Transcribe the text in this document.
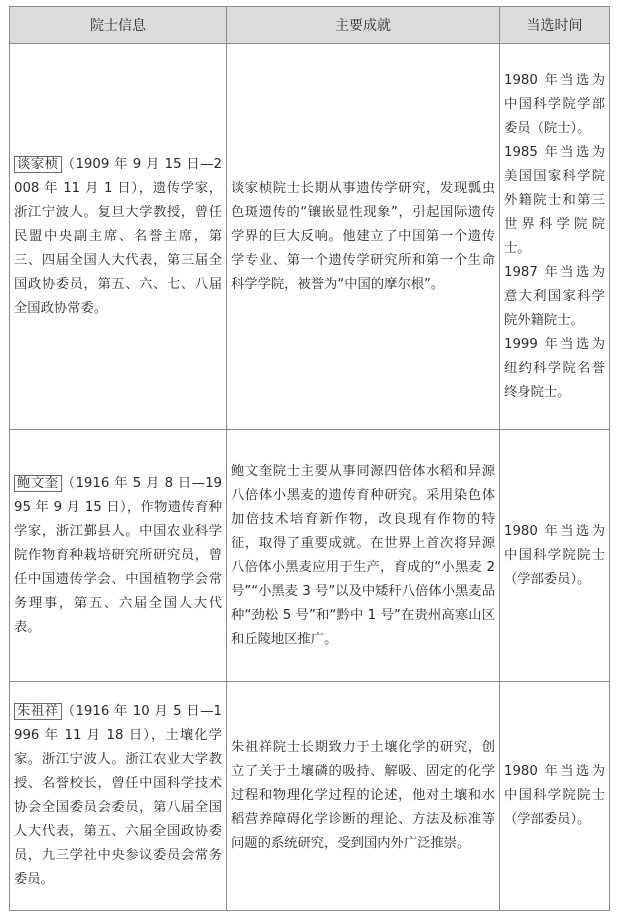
院士信息	主要成就	当选时间

谈家桢 （1909 年 9 月 15 日—2008 年 11 月 1 日），遗传学家，浙江宁波人。复旦大学教授，曾任民盟中央副主席、名誉主席，第三、四届全国人大代表，第三届全国政协委员，第五、六、七、八届全国政协常委。	谈家桢院士长期从事遗传学研究，发现瓢虫色斑遗传的“镶嵌显性现象”，引起国际遗传学界的巨大反响。他建立了中国第一个遗传学专业、第一个遗传学研究所和第一个生命科学学院，被誉为“中国的摩尔根”。	1980 年当选为中国科学院学部委员（院士）。
1985 年当选为美国国家科学院外籍院士和第三世界科学院院士。
1987 年当选为意大利国家科学院外籍院士。
1999 年当选为纽约科学院名誉终身院士。

鲍文奎 （1916 年 5 月 8 日—1995 年 9 月 15 日），作物遗传育种学家，浙江鄞县人。中国农业科学院作物育种栽培研究所研究员，曾任中国遗传学会、中国植物学会常务理事，第五、六届全国人大代表。	鲍文奎院士主要从事同源四倍体水稻和异源八倍体小黑麦的遗传育种研究。采用染色体加倍技术培育新作物，改良现有作物的特征，取得了重要成就。在世界上首次将异源八倍体小黑麦应用于生产，育成的“小黑麦 2 号”“小黑麦 3 号”以及中矮秆八倍体小黑麦品种“劲松 5 号”和“黔中 1 号”在贵州高寒山区和丘陵地区推广。	1980 年当选为中国科学院院士（学部委员）。

朱祖祥 （1916 年 10 月 5 日—1996 年 11 月 18 日），土壤化学家。浙江宁波人。浙江农业大学教授、名誉校长，曾任中国科学技术协会全国委员会委员，第八届全国人大代表，第五、六届全国政协委员，九三学社中央参议委员会常务委员。	朱祖祥院士长期致力于土壤化学的研究，创立了关于土壤磷的吸持、解吸、固定的化学过程和物理化学过程的论述，他对土壤和水稻营养障碍化学诊断的理论、方法及标准等问题的系统研究，受到国内外广泛推崇。	1980 年当选为中国科学院院士（学部委员）。
